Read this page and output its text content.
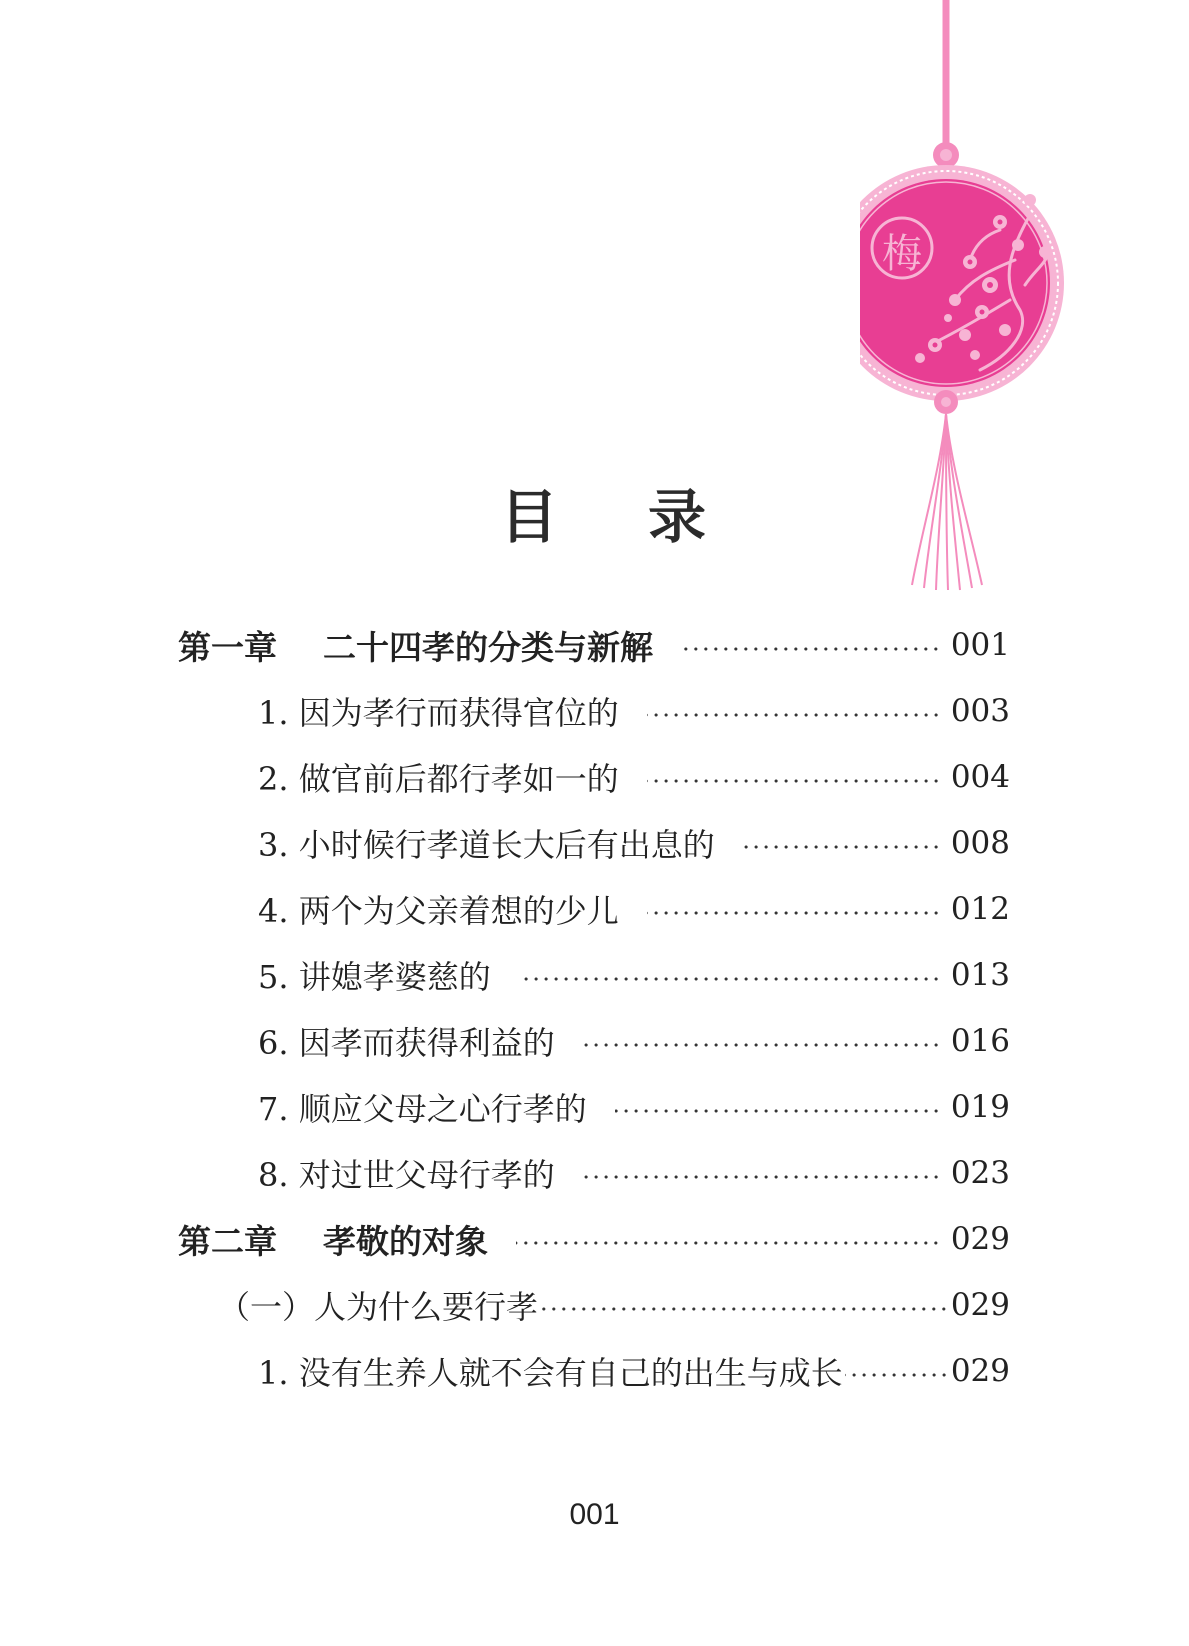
梅
目 录
第一章 二十四孝的分类与新解	001
1. 因为孝行而获得官位的	003
2. 做官前后都行孝如一的	004
3. 小时候行孝道长大后有出息的	008
4. 两个为父亲着想的少儿	012
5. 讲媳孝婆慈的	013
6. 因孝而获得利益的	016
7. 顺应父母之心行孝的	019
8. 对过世父母行孝的	023
第二章 孝敬的对象	029
（一）人为什么要行孝	029
1. 没有生养人就不会有自己的出生与成长	029
001
